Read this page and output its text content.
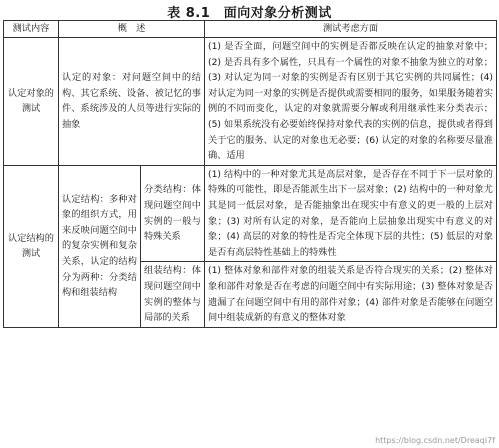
表 8.1　面向对象分析测试
测试内容	概　述		测试考虑方面
认定对象的测试	认定的对象：对问题空间中的结构、其它系统、设备、被记忆的事件、系统涉及的人员等进行实际的抽象		(1) 是否全面，问题空间中的实例是否都反映在认定的抽象对象中；(2) 是否具有多个属性，只具有一个属性的对象不抽象为独立的对象；(3) 对认定为同一对象的实例是否有区别于其它实例的共同属性；(4) 对认定为同一对象的实例是否提供或需要相同的服务，如果服务随着实例的不同而变化，认定的对象就需要分解或利用继承性来分类表示；(5) 如果系统没有必要始终保持对象代表的实例的信息，提供或者得到关于它的服务、认定的对象也无必要；(6) 认定的对象的名称要尽量准确、适用
认定结构的测试	认定结构：多种对象的组织方式，用来反映问题空间中的复杂实例和复杂关系，认定的结构分为两种：分类结构和组装结构	分类结构：体现问题空间中实例的一般与特殊关系	(1) 结构中的一种对象尤其是高层对象，是否存在不同于下一层对象的特殊的可能性，即是否能派生出下一层对象；(2) 结构中的一种对象尤其是同一低层对象，是否能抽象出在现实中有意义的更一般的上层对象；(3) 对所有认定的对象，是否能向上层抽象出现实中有意义的对象；(4) 高层的对象的特性是否完全体现下层的共性；(5) 低层的对象是否有高层特性基础上的特殊性
		组装结构：体现问题空间中实例的整体与局部的关系	(1) 整体对象和部件对象的组装关系是否符合现实的关系；(2) 整体对象和部件对象是否在考虑的问题空间中有实际用途；(3) 整体对象是否遗漏了在问题空间中有用的部件对象；(4) 部件对象是否能够在问题空间中组装成新的有意义的整体对象
https://blog.csdn.net/Dreaqi7f
